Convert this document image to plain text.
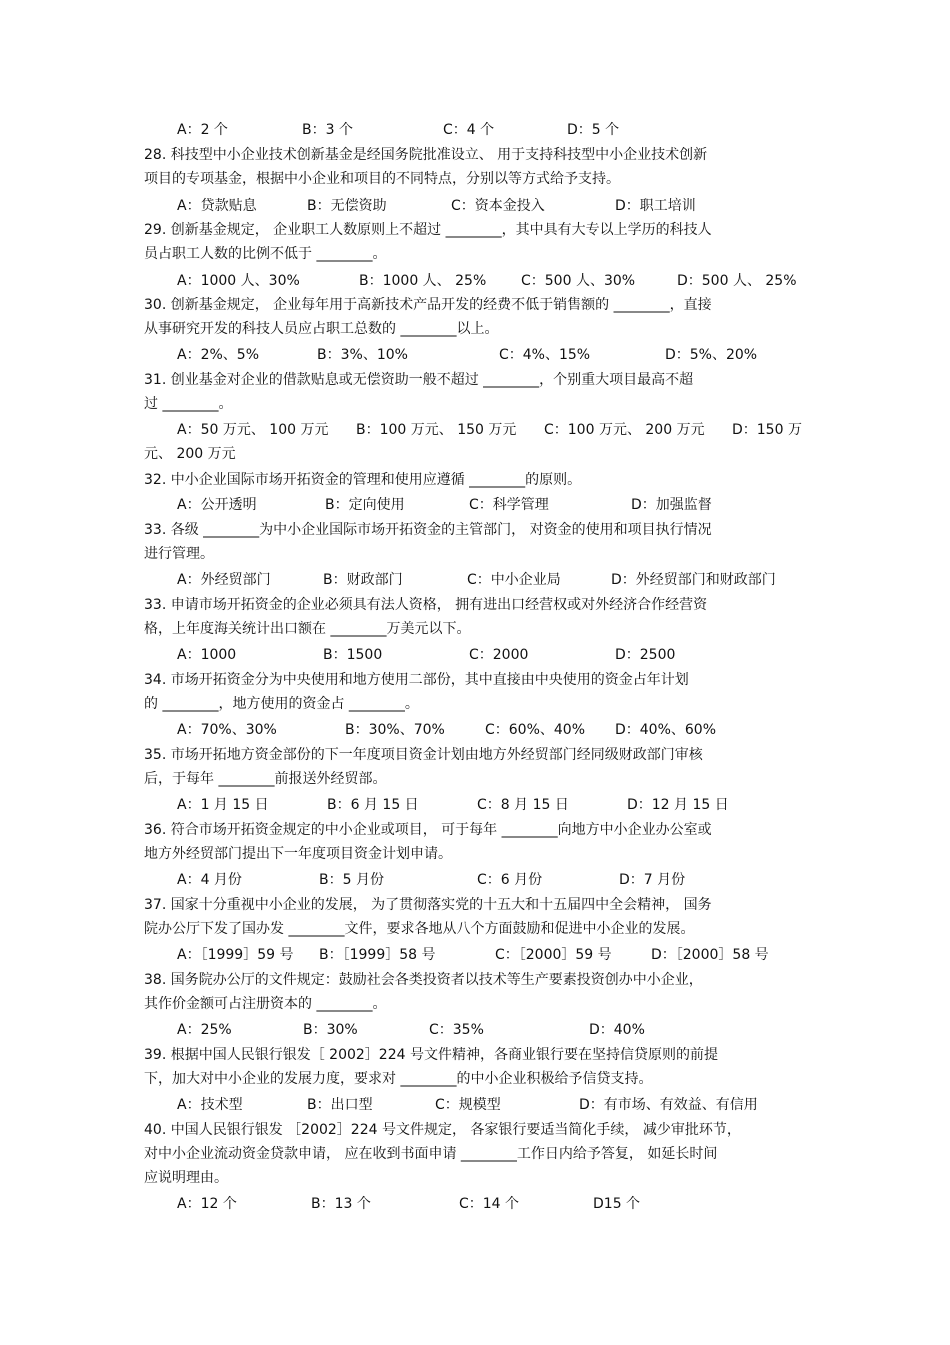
A：2 个	B：3 个	C：4 个	D：5 个
28. 科技型中小企业技术创新基金是经国务院批准设立、 用于支持科技型中小企业技术创新
项目的专项基金，根据中小企业和项目的不同特点，分别以等方式给予支持。
A：贷款贴息	B：无偿资助	C：资本金投入	D：职工培训
29. 创新基金规定， 企业职工人数原则上不超过 ________，其中具有大专以上学历的科技人
员占职工人数的比例不低于 ________。
A：1000 人、30%	B：1000 人、 25% C：500 人、30%	D：500 人、 25%
30. 创新基金规定， 企业每年用于高新技术产品开发的经费不低于销售额的 ________，直接
从事研究开发的科技人员应占职工总数的 ________以上。
A：2%、5%	B：3%、10%	C：4%、15%	D：5%、20%
31. 创业基金对企业的借款贴息或无偿资助一般不超过 ________，个别重大项目最高不超
过 ________。
A：50 万元、 100 万元 B：100 万元、 150 万元 C：100 万元、 200 万元 D：150 万
元、 200 万元
32. 中小企业国际市场开拓资金的管理和使用应遵循 ________的原则。
A：公开透明	B：定向使用	C：科学管理	D：加强监督
33. 各级 ________为中小企业国际市场开拓资金的主管部门， 对资金的使用和项目执行情况
进行管理。
A：外经贸部门	B：财政部门	C：中小企业局	D：外经贸部门和财政部门
33. 申请市场开拓资金的企业必须具有法人资格， 拥有进出口经营权或对外经济合作经营资
格，上年度海关统计出口额在 ________万美元以下。
A：1000	B：1500	C：2000	D：2500
34. 市场开拓资金分为中央使用和地方使用二部份，其中直接由中央使用的资金占年计划
的 ________，地方使用的资金占 ________。
A：70%、30%	B：30%、70%	C：60%、40% D：40%、60%
35. 市场开拓地方资金部份的下一年度项目资金计划由地方外经贸部门经同级财政部门审核
后，于每年 ________前报送外经贸部。
A：1 月 15 日	B：6 月 15 日	C：8 月 15 日	D：12 月 15 日
36. 符合市场开拓资金规定的中小企业或项目， 可于每年 ________向地方中小企业办公室或
地方外经贸部门提出下一年度项目资金计划申请。
A：4 月份	B：5 月份	C：6 月份	D：7 月份
37. 国家十分重视中小企业的发展， 为了贯彻落实党的十五大和十五届四中全会精神， 国务
院办公厅下发了国办发 ________文件，要求各地从八个方面鼓励和促进中小企业的发展。
A：［1999］59 号 B：［1999］58 号	C：［2000］59 号	D：［2000］58 号
38. 国务院办公厅的文件规定：鼓励社会各类投资者以技术等生产要素投资创办中小企业，
其作价金额可占注册资本的 ________。
A：25%	B：30%	C：35%	D：40%
39. 根据中国人民银行银发［ 2002］224 号文件精神，各商业银行要在坚持信贷原则的前提
下，加大对中小企业的发展力度，要求对 ________的中小企业积极给予信贷支持。
A：技术型	B：出口型	C：规模型	D：有市场、有效益、有信用
40. 中国人民银行银发 ［2002］224 号文件规定， 各家银行要适当简化手续， 减少审批环节，
对中小企业流动资金贷款申请， 应在收到书面申请 ________工作日内给予答复， 如延长时间
应说明理由。
A：12 个	B：13 个	C：14 个	D15 个
